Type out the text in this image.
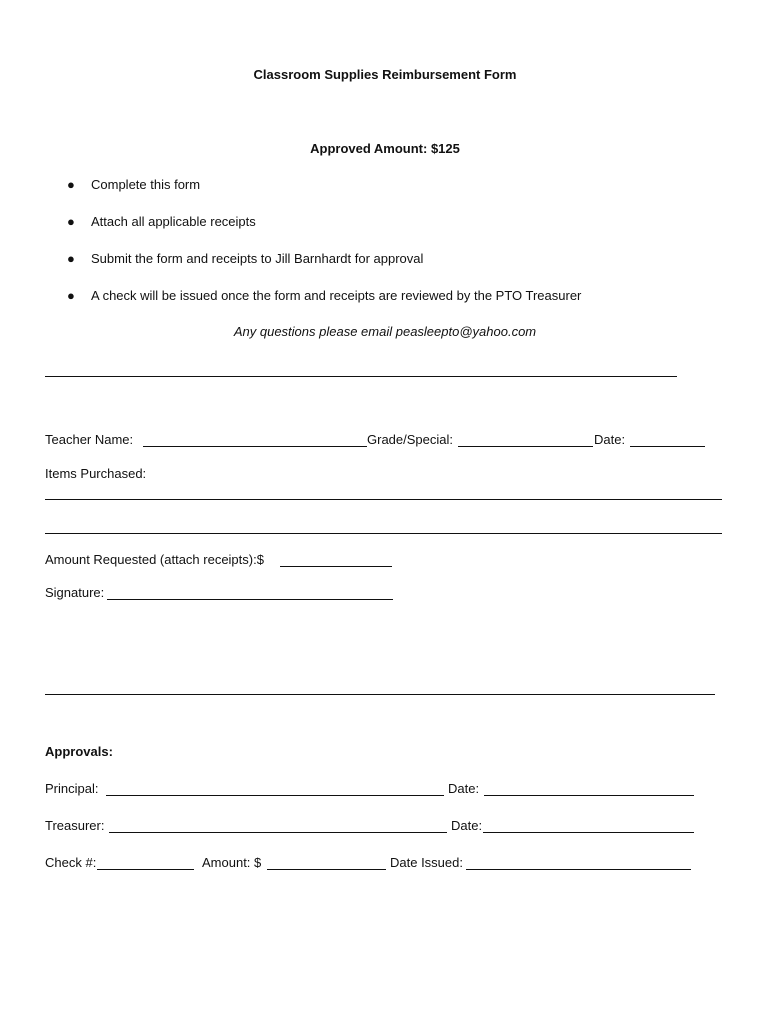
Classroom Supplies Reimbursement Form
Approved Amount: $125
● Complete this form
● Attach all applicable receipts
● Submit the form and receipts to Jill Barnhardt for approval
● A check will be issued once the form and receipts are reviewed by the PTO Treasurer
Any questions please email peasleepto@yahoo.com
Teacher Name:	Grade/Special:	Date:
Items Purchased:
Amount Requested (attach receipts):$
Signature:
Approvals:
Principal:	Date:
Treasurer:	Date:
Check #:	Amount: $	Date Issued:
